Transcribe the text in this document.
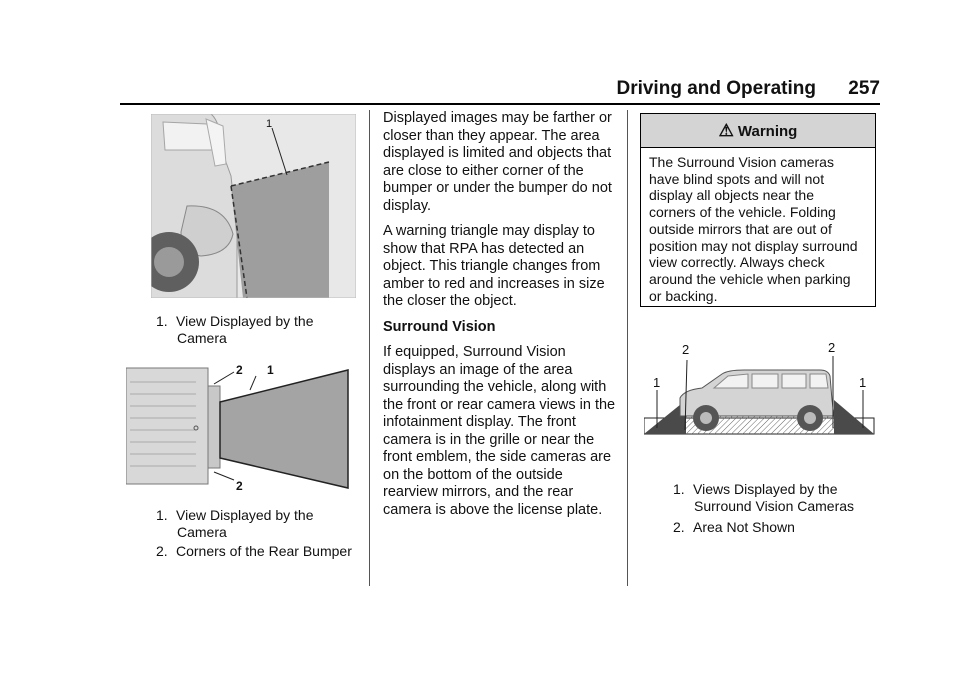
Driving and Operating	257
1
1. View Displayed by the
Camera
2 1
2
1. View Displayed by the
Camera
2. Corners of the Rear Bumper
Displayed images may be farther or
closer than they appear. The area
displayed is limited and objects that
are close to either corner of the
bumper or under the bumper do not
display.
A warning triangle may display to
show that RPA has detected an
object. This triangle changes from
amber to red and increases in size
the closer the object.
Surround Vision
If equipped, Surround Vision
displays an image of the area
surrounding the vehicle, along with
the front or rear camera views in the
infotainment display. The front
camera is in the grille or near the
front emblem, the side cameras are
on the bottom of the outside
rearview mirrors, and the rear
camera is above the license plate.
⚠ Warning
The Surround Vision cameras
have blind spots and will not
display all objects near the
corners of the vehicle. Folding
outside mirrors that are out of
position may not display surround
view correctly. Always check
around the vehicle when parking
or backing.
2	2
1	1
1. Views Displayed by the
Surround Vision Cameras
2. Area Not Shown
